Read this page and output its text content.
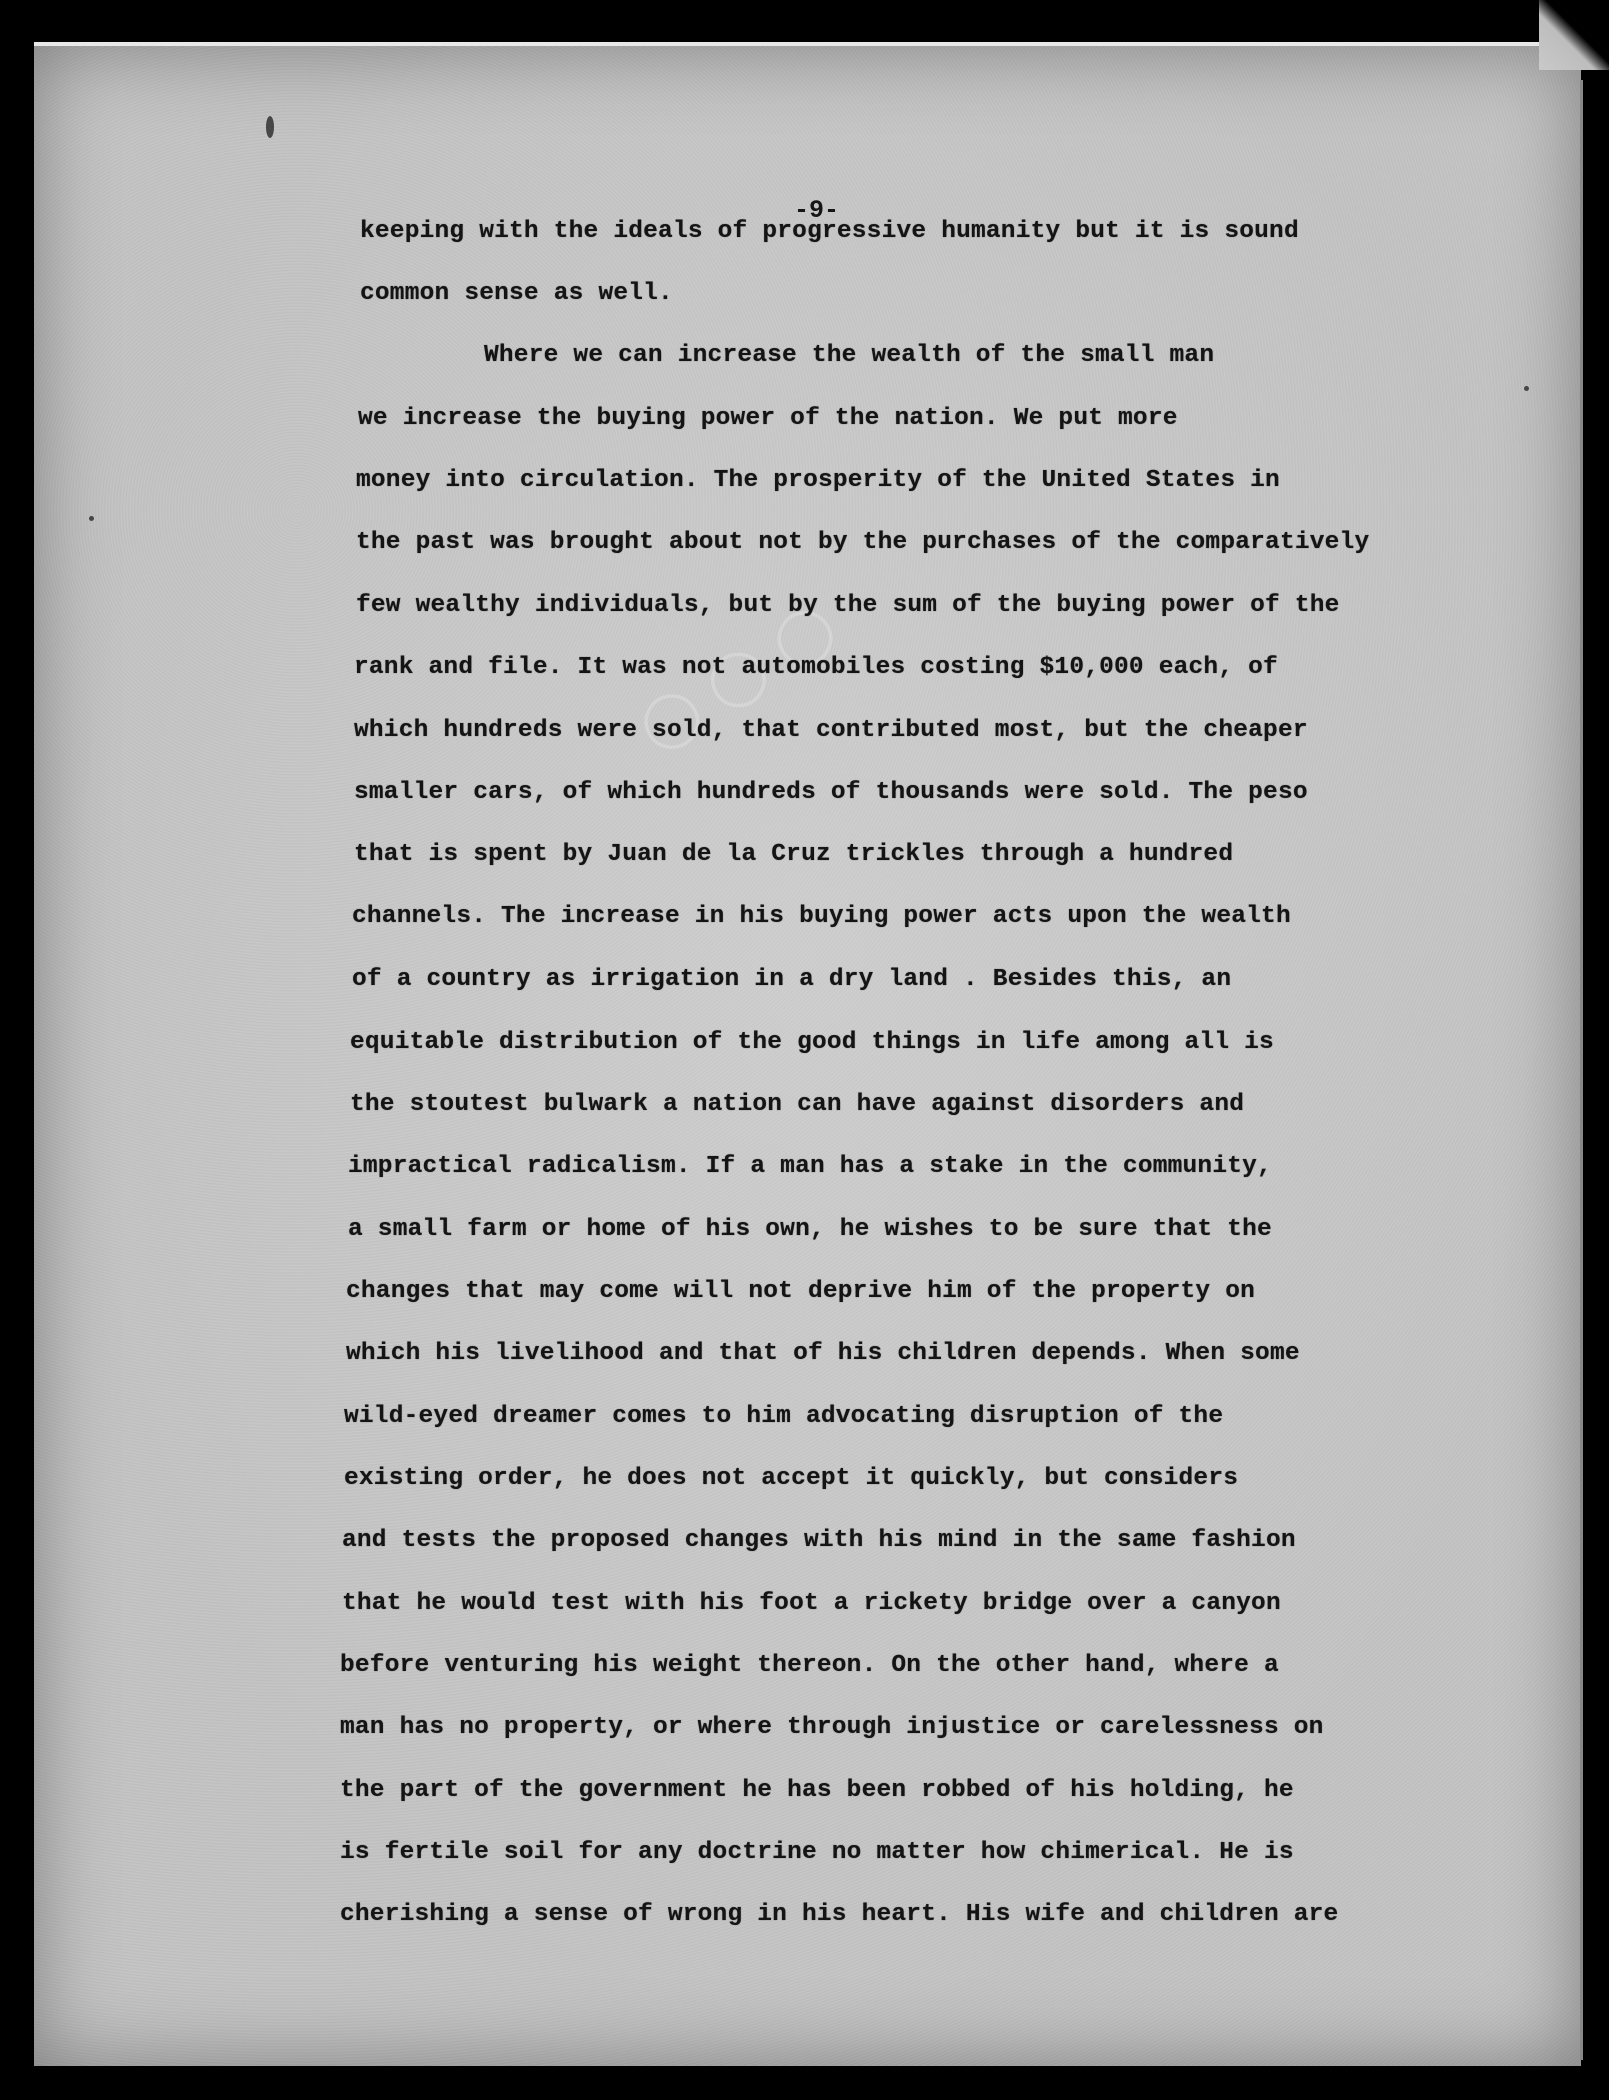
◯◯◯
-9-
keeping with the ideals of progressive humanity but it is sound
common sense as well.
Where we can increase the wealth of the small man
we increase the buying power of the nation. We put more
money into circulation. The prosperity of the United States in
the past was brought about not by the purchases of the comparatively
few wealthy individuals, but by the sum of the buying power of the
rank and file. It was not automobiles costing $10,000 each, of
which hundreds were sold, that contributed most, but the cheaper
smaller cars, of which hundreds of thousands were sold. The peso
that is spent by Juan de la Cruz trickles through a hundred
channels. The increase in his buying power acts upon the wealth
of a country as irrigation in a dry land . Besides this, an
equitable distribution of the good things in life among all is
the stoutest bulwark a nation can have against disorders and
impractical radicalism. If a man has a stake in the community,
a small farm or home of his own, he wishes to be sure that the
changes that may come will not deprive him of the property on
which his livelihood and that of his children depends. When some
wild-eyed dreamer comes to him advocating disruption of the
existing order, he does not accept it quickly, but considers
and tests the proposed changes with his mind in the same fashion
that he would test with his foot a rickety bridge over a canyon
before venturing his weight thereon. On the other hand, where a
man has no property, or where through injustice or carelessness on
the part of the government he has been robbed of his holding, he
is fertile soil for any doctrine no matter how chimerical. He is
cherishing a sense of wrong in his heart. His wife and children are
